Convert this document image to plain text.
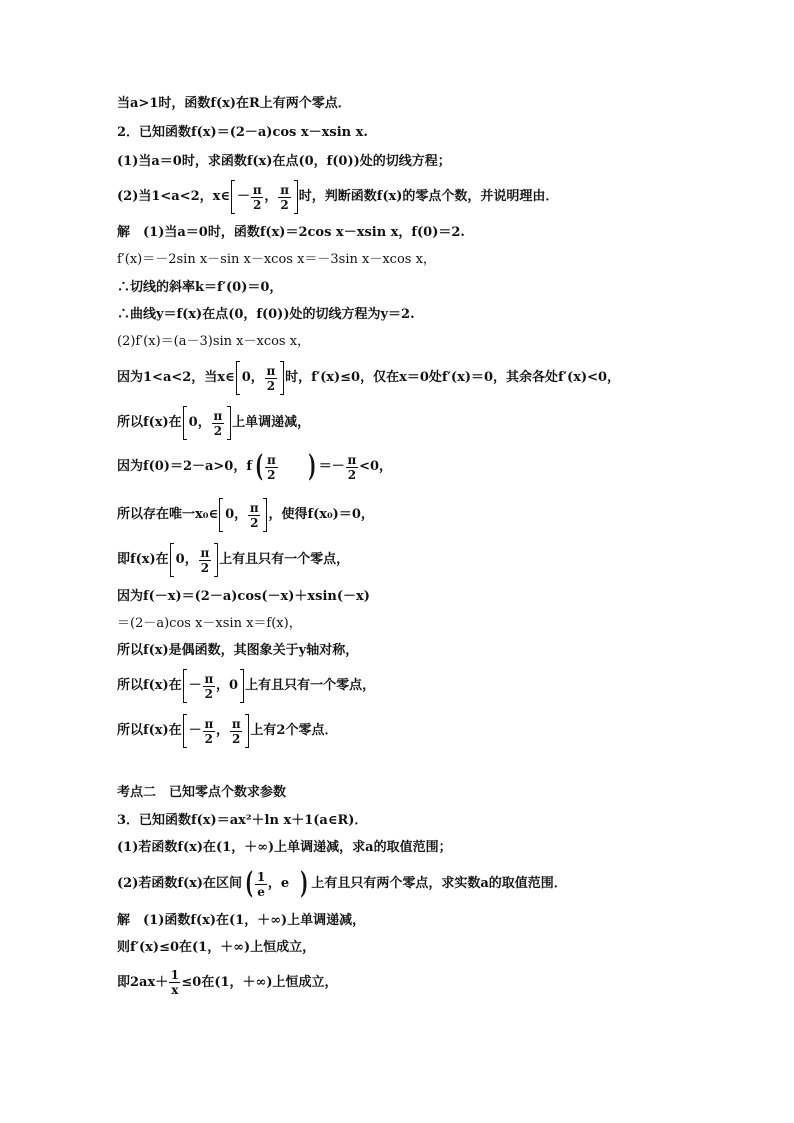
当a>1时，函数f(x)在R上有两个零点．
2．已知函数f(x)＝(2－a)cos x－xsin x.
(1)当a＝0时，求函数f(x)在点(0，f(0))处的切线方程；
(2)当1<a<2，x∈ － $\frac{\pi}{2}$ ， $\frac{\pi}{2}$ 时，判断函数f(x)的零点个数，并说明理由．
解　(1)当a＝0时，函数f(x)＝2cos x－xsin x，f(0)＝2.
f′(x)＝－2sin x－sin x－xcos x＝－3sin x－xcos x，
∴切线的斜率k＝f′(0)＝0，
∴曲线y＝f(x)在点(0，f(0))处的切线方程为y＝2.
(2)f′(x)＝(a－3)sin x－xcos x，
因为1<a<2，当x∈ 0， $\frac{\pi}{2}$ 时，f′(x)≤0，仅在x＝0处f′(x)＝0，其余各处f′(x)<0，
所以f(x)在 0， $\frac{\pi}{2}$ 上单调递减，
因为f(0)＝2－a>0，f ( $\frac{\pi}{2}$ ) ＝－ $\frac{\pi}{2} <0$，
所以存在唯一x₀∈ 0， $\frac{\pi}{2}$ ，使得f(x₀)＝0，
即f(x)在 0， $\frac{\pi}{2}$ 上有且只有一个零点，
因为f(－x)＝(2－a)cos(－x)＋xsin(－x)
＝(2－a)cos x－xsin x＝f(x)，
所以f(x)是偶函数，其图象关于y轴对称，
所以f(x)在 － $\frac{\pi}{2}$ ，0 上有且只有一个零点，
所以f(x)在 － $\frac{\pi}{2}$ ， $\frac{\pi}{2}$ 上有2个零点．
考点二　已知零点个数求参数
3．已知函数f(x)＝ax²＋ln x＋1(a∈R)．
(1)若函数f(x)在(1，＋∞)上单调递减，求a的取值范围；
(2)若函数f(x)在区间 ( $\frac{1}{e}$ ，e ) 上有且只有两个零点，求实数a的取值范围．
解　(1)函数f(x)在(1，＋∞)上单调递减，
则f′(x)≤0在(1，＋∞)上恒成立，
即$2ax+ \frac{1}{x} \le 0$在(1，＋∞)上恒成立，
